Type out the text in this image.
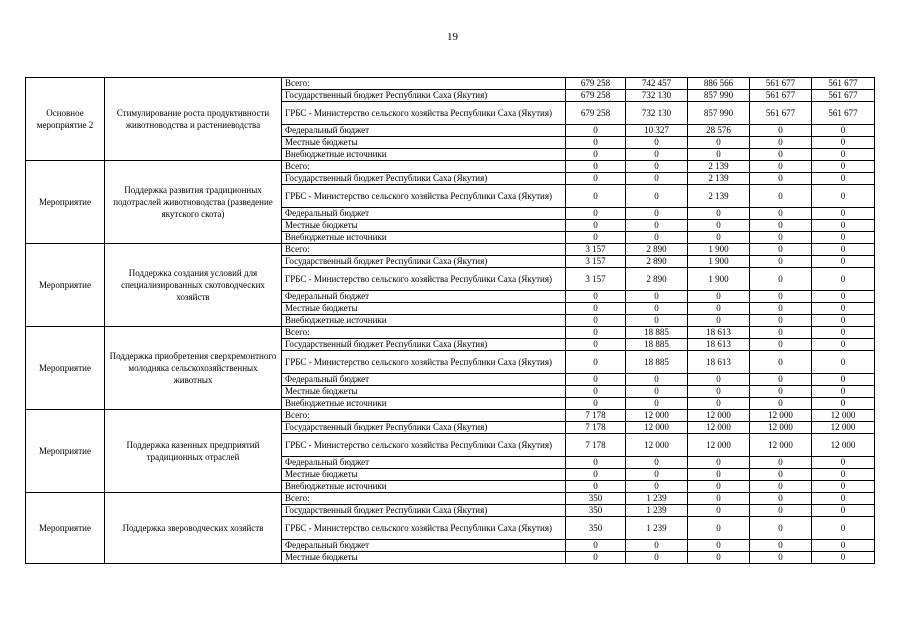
19
Основное мероприятие 2	Стимулирование роста продуктивности животноводства и растениеводства	Всего:	679 258	742 457	886 566	561 677	561 677
		Государственный бюджет Республики Саха (Якутия)	679 258	732 130	857 990	561 677	561 677
		ГРБС - Министерство сельского хозяйства Республики Саха (Якутия)	679 258	732 130	857 990	561 677	561 677
		Федеральный бюджет	0	10 327	28 576	0	0
		Местные бюджеты	0	0	0	0	0
		Внебюджетные источники	0	0	0	0	0
Мероприятие	Поддержка развития традиционных подотраслей животноводства (разведение якутского скота)	Всего:	0	0	2 139	0	0
		Государственный бюджет Республики Саха (Якутия)	0	0	2 139	0	0
		ГРБС - Министерство сельского хозяйства Республики Саха (Якутия)	0	0	2 139	0	0
		Федеральный бюджет	0	0	0	0	0
		Местные бюджеты	0	0	0	0	0
		Внебюджетные источники	0	0	0	0	0
Мероприятие	Поддержка создания условий для специализированных скотоводческих хозяйств	Всего:	3 157	2 890	1 900	0	0
		Государственный бюджет Республики Саха (Якутия)	3 157	2 890	1 900	0	0
		ГРБС - Министерство сельского хозяйства Республики Саха (Якутия)	3 157	2 890	1 900	0	0
		Федеральный бюджет	0	0	0	0	0
		Местные бюджеты	0	0	0	0	0
		Внебюджетные источники	0	0	0	0	0
Мероприятие	Поддержка приобретения сверхремонтного молодняка сельскохозяйственных животных	Всего:	0	18 885	18 613	0	0
		Государственный бюджет Республики Саха (Якутия)	0	18 885	18 613	0	0
		ГРБС - Министерство сельского хозяйства Республики Саха (Якутия)	0	18 885	18 613	0	0
		Федеральный бюджет	0	0	0	0	0
		Местные бюджеты	0	0	0	0	0
		Внебюджетные источники	0	0	0	0	0
Мероприятие	Поддержка казенных предприятий традиционных отраслей	Всего:	7 178	12 000	12 000	12 000	12 000
		Государственный бюджет Республики Саха (Якутия)	7 178	12 000	12 000	12 000	12 000
		ГРБС - Министерство сельского хозяйства Республики Саха (Якутия)	7 178	12 000	12 000	12 000	12 000
		Федеральный бюджет	0	0	0	0	0
		Местные бюджеты	0	0	0	0	0
		Внебюджетные источники	0	0	0	0	0
Мероприятие	Поддержка звероводческих хозяйств	Всего:	350	1 239	0	0	0
		Государственный бюджет Республики Саха (Якутия)	350	1 239	0	0	0
		ГРБС - Министерство сельского хозяйства Республики Саха (Якутия)	350	1 239	0	0	0
		Федеральный бюджет	0	0	0	0	0
		Местные бюджеты	0	0	0	0	0
